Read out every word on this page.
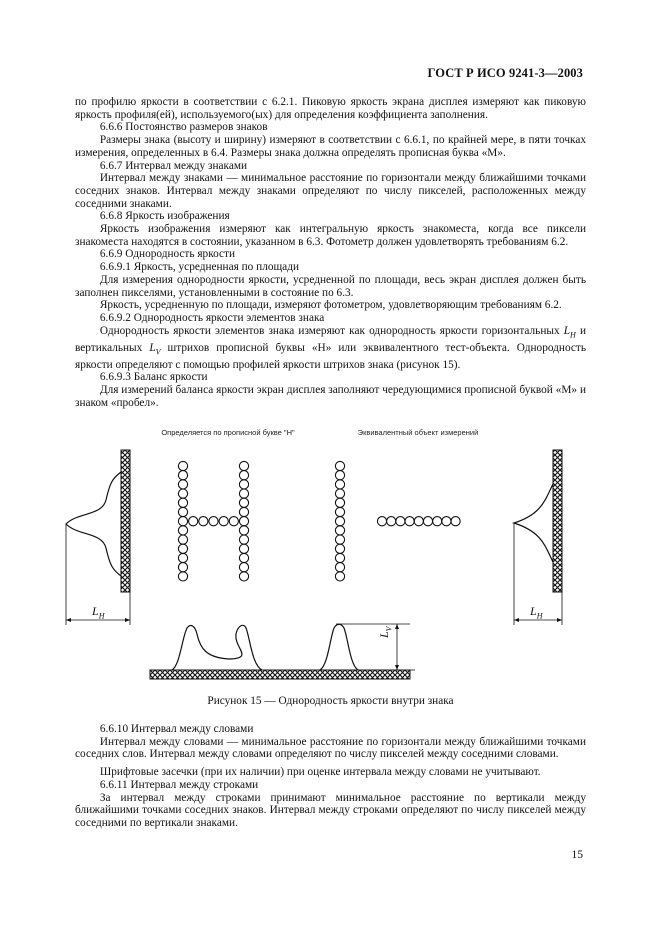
ГОСТ Р ИСО 9241-3—2003

по профилю яркости в соответствии с 6.2.1. Пиковую яркость экрана дисплея измеряют как пиковую яркость профиля(ей), используемого(ых) для определения коэффициента заполнения.

6.6.6 Постоянство размеров знаков

Размеры знака (высоту и ширину) измеряют в соответствии с 6.6.1, по крайней мере, в пяти точках измерения, определенных в 6.4. Размеры знака должна определять прописная буква «М».

6.6.7 Интервал между знаками

Интервал между знаками — минимальное расстояние по горизонтали между ближайшими точками соседних знаков. Интервал между знаками определяют по числу пикселей, расположенных между соседними знаками.

6.6.8 Яркость изображения

Яркость изображения измеряют как интегральную яркость знакоместа, когда все пиксели знакоместа находятся в состоянии, указанном в 6.3. Фотометр должен удовлетворять требованиям 6.2.

6.6.9 Однородность яркости

6.6.9.1 Яркость, усредненная по площади

Для измерения однородности яркости, усредненной по площади, весь экран дисплея должен быть заполнен пикселями, установленными в состояние по 6.3.

Яркость, усредненную по площади, измеряют фотометром, удовлетворяющим требованиям 6.2.

6.6.9.2 Однородность яркости элементов знака

Однородность яркости элементов знака измеряют как однородность яркости горизонтальных $L_H$ и вертикальных $L_V$ штрихов прописной буквы «Н» или эквивалентного тест-объекта. Однородность яркости определяют с помощью профилей яркости штрихов знака (рисунок 15).

6.6.9.3 Баланс яркости

Для измерений баланса яркости экран дисплея заполняют чередующимися прописной буквой «М» и знаком «пробел».

Определяется по прописной букве "Н"	Эквивалентный объект измерений
$L_H$	$L_H$
$L_V$
Рисунок 15 — Однородность яркости внутри знака

6.6.10 Интервал между словами

Интервал между словами — минимальное расстояние по горизонтали между ближайшими точками соседних слов. Интервал между словами определяют по числу пикселей между соседними словами.

Шрифтовые засечки (при их наличии) при оценке интервала между словами не учитывают.

6.6.11 Интервал между строками

За интервал между строками принимают минимальное расстояние по вертикали между ближайшими точками соседних знаков. Интервал между строками определяют по числу пикселей между соседними по вертикали знаками.

15
